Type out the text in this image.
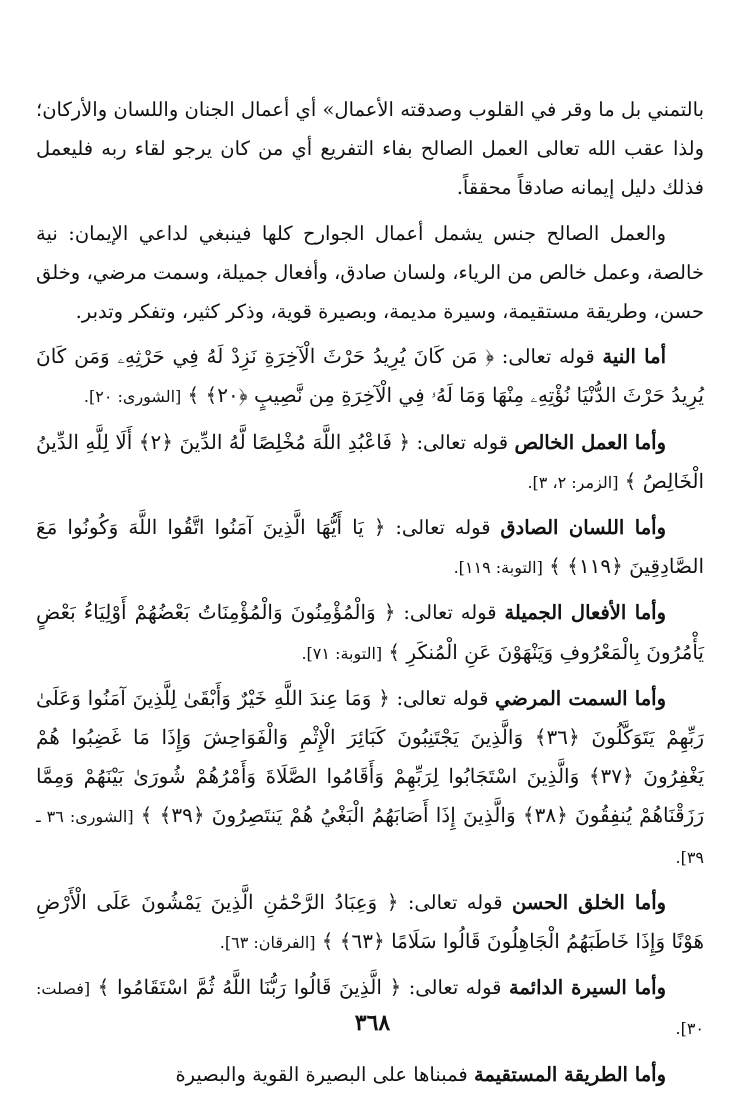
بالتمني بل ما وقر في القلوب وصدقته الأعمال» أي أعمال الجنان واللسان والأركان؛ ولذا عقب الله تعالى العمل الصالح بفاء التفريع أي من كان يرجو لقاء ربه فليعمل فذلك دليل إيمانه صادقاً محققاً.

والعمل الصالح جنس يشمل أعمال الجوارح كلها فينبغي لداعي الإيمان: نية خالصة، وعمل خالص من الرياء، ولسان صادق، وأفعال جميلة، وسمت مرضي، وخلق حسن، وطريقة مستقيمة، وسيرة مديمة، وبصيرة قوية، وذكر كثير، وتفكر وتدبر.

أما النية قوله تعالى: ﴿ مَن كَانَ يُرِيدُ حَرْثَ الْآخِرَةِ نَزِدْ لَهُ فِي حَرْثِهِۦ وَمَن كَانَ يُرِيدُ حَرْثَ الدُّنْيَا نُؤْتِهِۦ مِنْهَا وَمَا لَهُۥ فِي الْآخِرَةِ مِن نَّصِيبٍ ﴿٢٠﴾ ﴾ [الشورى: ٢٠].

وأما العمل الخالص قوله تعالى: ﴿ فَاعْبُدِ اللَّهَ مُخْلِصًا لَّهُ الدِّينَ ﴿٢﴾ أَلَا لِلَّهِ الدِّينُ الْخَالِصُ ﴾ [الزمر: ٢، ٣].

وأما اللسان الصادق قوله تعالى: ﴿ يَا أَيُّهَا الَّذِينَ آمَنُوا اتَّقُوا اللَّهَ وَكُونُوا مَعَ الصَّادِقِينَ ﴿١١٩﴾ ﴾ [التوبة: ١١٩].

وأما الأفعال الجميلة قوله تعالى: ﴿ وَالْمُؤْمِنُونَ وَالْمُؤْمِنَاتُ بَعْضُهُمْ أَوْلِيَاءُ بَعْضٍ يَأْمُرُونَ بِالْمَعْرُوفِ وَيَنْهَوْنَ عَنِ الْمُنكَرِ ﴾ [التوبة: ٧١].

وأما السمت المرضي قوله تعالى: ﴿ وَمَا عِندَ اللَّهِ خَيْرٌ وَأَبْقَىٰ لِلَّذِينَ آمَنُوا وَعَلَىٰ رَبِّهِمْ يَتَوَكَّلُونَ ﴿٣٦﴾ وَالَّذِينَ يَجْتَنِبُونَ كَبَائِرَ الْإِثْمِ وَالْفَوَاحِشَ وَإِذَا مَا غَضِبُوا هُمْ يَغْفِرُونَ ﴿٣٧﴾ وَالَّذِينَ اسْتَجَابُوا لِرَبِّهِمْ وَأَقَامُوا الصَّلَاةَ وَأَمْرُهُمْ شُورَىٰ بَيْنَهُمْ وَمِمَّا رَزَقْنَاهُمْ يُنفِقُونَ ﴿٣٨﴾ وَالَّذِينَ إِذَا أَصَابَهُمُ الْبَغْيُ هُمْ يَنتَصِرُونَ ﴿٣٩﴾ ﴾ [الشورى: ٣٦ ـ ٣٩].

وأما الخلق الحسن قوله تعالى: ﴿ وَعِبَادُ الرَّحْمَٰنِ الَّذِينَ يَمْشُونَ عَلَى الْأَرْضِ هَوْنًا وَإِذَا خَاطَبَهُمُ الْجَاهِلُونَ قَالُوا سَلَامًا ﴿٦٣﴾ ﴾ [الفرقان: ٦٣].

وأما السيرة الدائمة قوله تعالى: ﴿ الَّذِينَ قَالُوا رَبُّنَا اللَّهُ ثُمَّ اسْتَقَامُوا ﴾ [فصلت: ٣٠].

وأما الطريقة المستقيمة فمبناها على البصيرة القوية والبصيرة

٣٦٨
